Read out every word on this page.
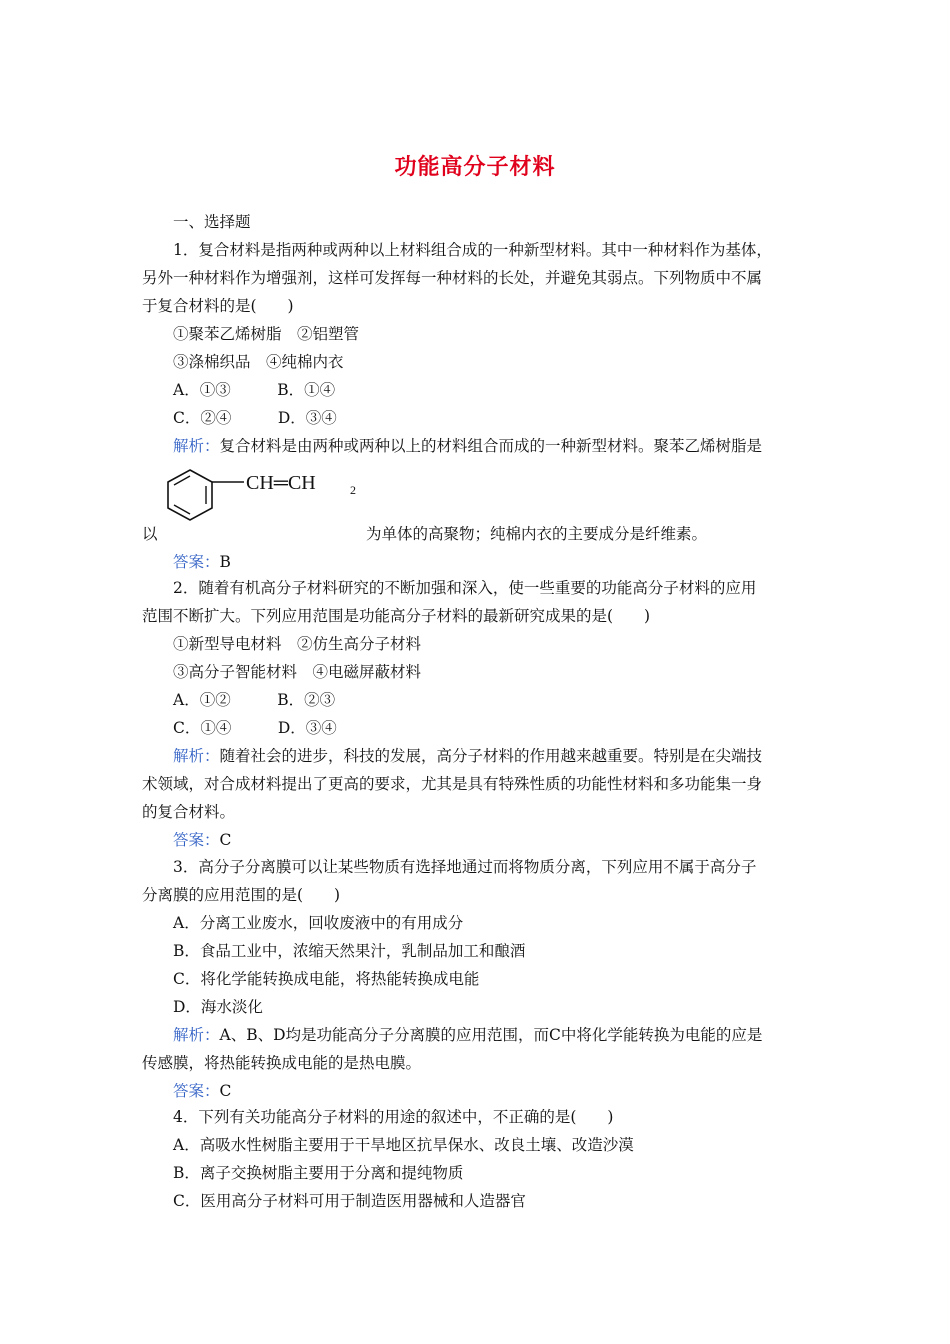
功能高分子材料
一、选择题
1．复合材料是指两种或两种以上材料组合成的一种新型材料。其中一种材料作为基体，
另外一种材料作为增强剂，这样可发挥每一种材料的长处，并避免其弱点。下列物质中不属
于复合材料的是(　　)
①聚苯乙烯树脂　②铝塑管
③涤棉织品　④纯棉内衣
A．①③　　　B．①④
C．②④　　　D．③④
解析：复合材料是由两种或两种以上的材料组合而成的一种新型材料。聚苯乙烯树脂是
CH═CH	2
以	为单体的高聚物；纯棉内衣的主要成分是纤维素。
答案：B
2．随着有机高分子材料研究的不断加强和深入，使一些重要的功能高分子材料的应用
范围不断扩大。下列应用范围是功能高分子材料的最新研究成果的是(　　)
①新型导电材料　②仿生高分子材料
③高分子智能材料　④电磁屏蔽材料
A．①②　　　B．②③
C．①④　　　D．③④
解析：随着社会的进步，科技的发展，高分子材料的作用越来越重要。特别是在尖端技
术领域，对合成材料提出了更高的要求，尤其是具有特殊性质的功能性材料和多功能集一身
的复合材料。
答案：C
3．高分子分离膜可以让某些物质有选择地通过而将物质分离，下列应用不属于高分子
分离膜的应用范围的是(　　)
A．分离工业废水，回收废液中的有用成分
B．食品工业中，浓缩天然果汁，乳制品加工和酿酒
C．将化学能转换成电能，将热能转换成电能
D．海水淡化
解析：A、B、D均是功能高分子分离膜的应用范围，而C中将化学能转换为电能的应是
传感膜，将热能转换成电能的是热电膜。
答案：C
4．下列有关功能高分子材料的用途的叙述中，不正确的是(　　)
A．高吸水性树脂主要用于干旱地区抗旱保水、改良土壤、改造沙漠
B．离子交换树脂主要用于分离和提纯物质
C．医用高分子材料可用于制造医用器械和人造器官
